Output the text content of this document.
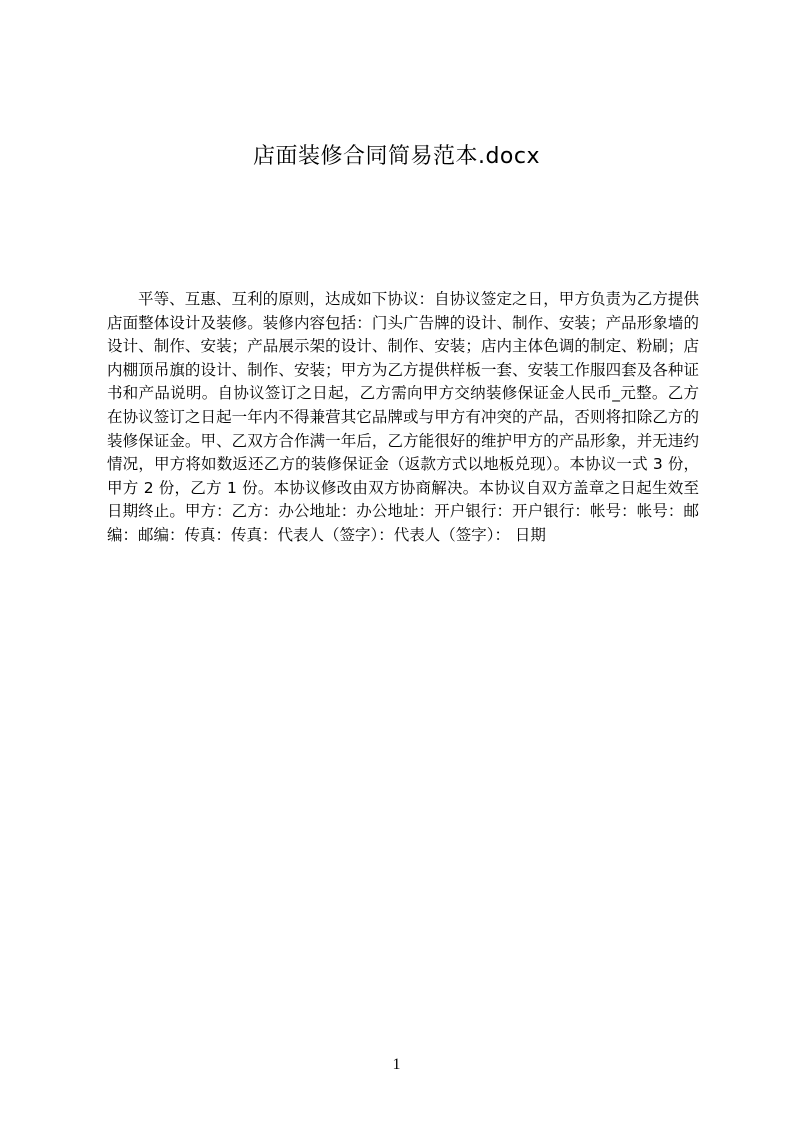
店面装修合同简易范本.docx

平等、互惠、互利的原则，达成如下协议：自协议签定之日，甲方负责为乙方提供店面整体设计及装修。装修内容包括：门头广告牌的设计、制作、安装；产品形象墙的设计、制作、安装；产品展示架的设计、制作、安装；店内主体色调的制定、粉刷；店内棚顶吊旗的设计、制作、安装；甲方为乙方提供样板一套、安装工作服四套及各种证书和产品说明。自协议签订之日起，乙方需向甲方交纳装修保证金人民币_元整。乙方在协议签订之日起一年内不得兼营其它品牌或与甲方有冲突的产品，否则将扣除乙方的装修保证金。甲、乙双方合作满一年后，乙方能很好的维护甲方的产品形象，并无违约情况，甲方将如数返还乙方的装修保证金（返款方式以地板兑现）。本协议一式 3 份，甲方 2 份，乙方 1 份。本协议修改由双方协商解决。本协议自双方盖章之日起生效至日期终止。甲方：乙方：办公地址：办公地址：开户银行：开户银行：帐号：帐号：邮编：邮编：传真：传真：代表人（签字）：代表人（签字）： 日期

1
